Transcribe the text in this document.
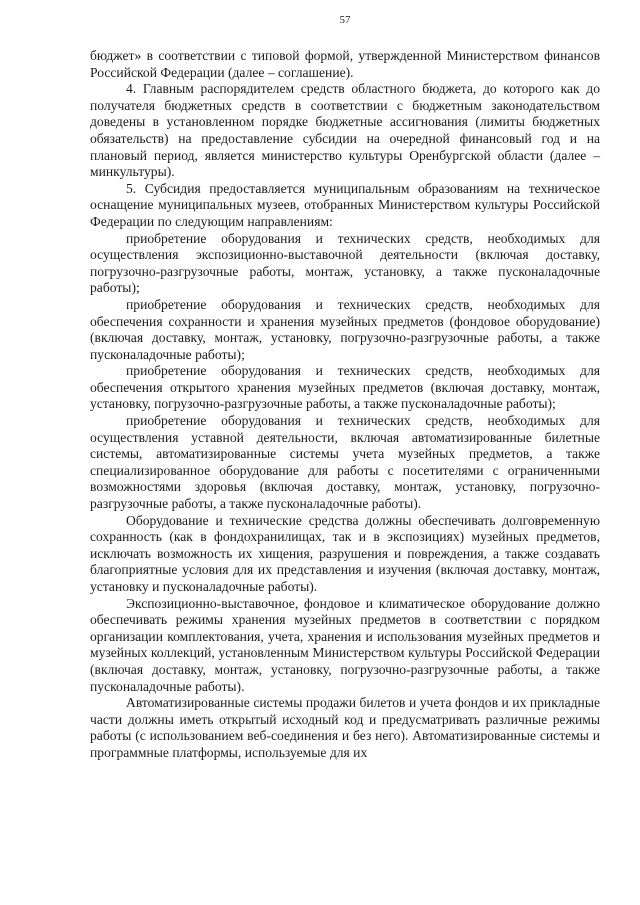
57

бюджет» в соответствии с типовой формой, утвержденной Министерством финансов Российской Федерации (далее – соглашение).

4. Главным распорядителем средств областного бюджета, до которого как до получателя бюджетных средств в соответствии с бюджетным законодательством доведены в установленном порядке бюджетные ассигнования (лимиты бюджетных обязательств) на предоставление субсидии на очередной финансовый год и на плановый период, является министерство культуры Оренбургской области (далее – минкультуры).

5. Субсидия предоставляется муниципальным образованиям на техническое оснащение муниципальных музеев, отобранных Министерством культуры Российской Федерации по следующим направлениям:

приобретение оборудования и технических средств, необходимых для осуществления экспозиционно-выставочной деятельности (включая доставку, погрузочно-разгрузочные работы, монтаж, установку, а также пусконаладочные работы);

приобретение оборудования и технических средств, необходимых для обеспечения сохранности и хранения музейных предметов (фондовое оборудование) (включая доставку, монтаж, установку, погрузочно-разгрузочные работы, а также пусконаладочные работы);

приобретение оборудования и технических средств, необходимых для обеспечения открытого хранения музейных предметов (включая доставку, монтаж, установку, погрузочно-разгрузочные работы, а также пусконаладочные работы);

приобретение оборудования и технических средств, необходимых для осуществления уставной деятельности, включая автоматизированные билетные системы, автоматизированные системы учета музейных предметов, а также специализированное оборудование для работы с посетителями с ограниченными возможностями здоровья (включая доставку, монтаж, установку, погрузочно-разгрузочные работы, а также пусконаладочные работы).

Оборудование и технические средства должны обеспечивать долговременную сохранность (как в фондохранилищах, так и в экспозициях) музейных предметов, исключать возможность их хищения, разрушения и повреждения, а также создавать благоприятные условия для их представления и изучения (включая доставку, монтаж, установку и пусконаладочные работы).

Экспозиционно-выставочное, фондовое и климатическое оборудование должно обеспечивать режимы хранения музейных предметов в соответствии с порядком организации комплектования, учета, хранения и использования музейных предметов и музейных коллекций, установленным Министерством культуры Российской Федерации (включая доставку, монтаж, установку, погрузочно-разгрузочные работы, а также пусконаладочные работы).

Автоматизированные системы продажи билетов и учета фондов и их прикладные части должны иметь открытый исходный код и предусматривать различные режимы работы (с использованием веб-соединения и без него). Автоматизированные системы и программные платформы, используемые для их
